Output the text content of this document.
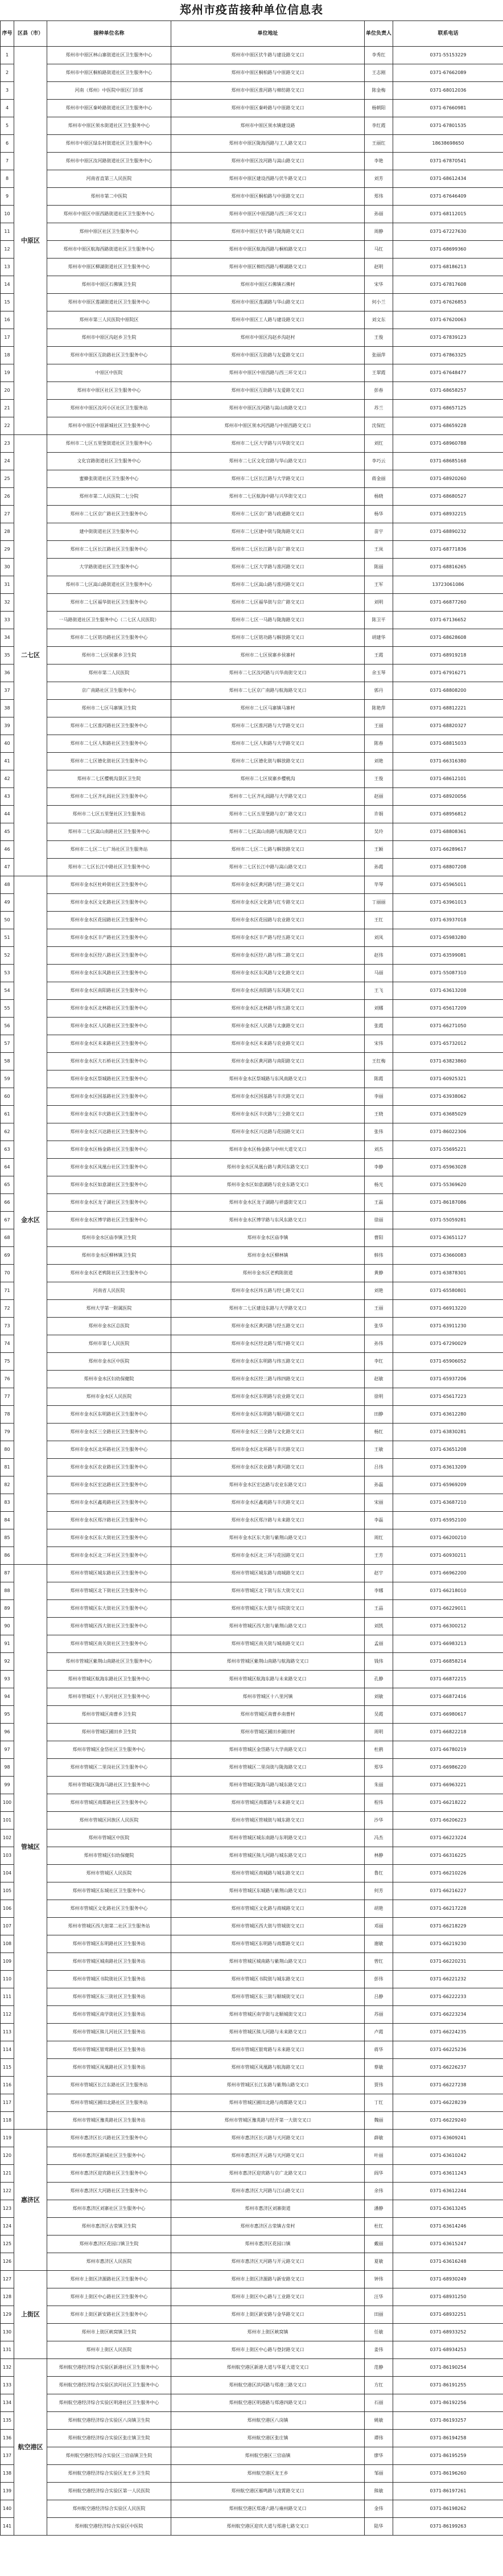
郑州市疫苗接种单位信息表
序号	区县（市）	接种单位名称	单位地址	单位负责人	联系电话
1	中原区	郑州市中原区林山寨街道社区卫生服务中心	郑州市中原区伏牛路与建设路交叉口	李秀红	0371-55153229
2		郑州市中原区桐柏路街道社区卫生服务中心	郑州市中原区桐柏路与中原路交叉口	王志刚	0371-67662089
3		河南（郑州）中医院中原区门诊部	郑州市中原区淮河路与棉纺路交叉口	陈金梅	0371-68012036
4		郑州市中原区秦岭路街道社区卫生服务中心	郑州市中原区秦岭路与中原路交叉口	杨朝阳	0371-67660981
5		郑州市中原区须水街道社区卫生服务中心	郑州市中原区须水镇建设路	李红霞	0371-67801535
6		郑州市中原区绿东村街道社区卫生服务中心	郑州市中原区陇海西路与工人路交叉口	王丽红	18638698650
7		郑州市中原区汝河路街道社区卫生服务中心	郑州市中原区汝河路与嵩山路交叉口	李艳	0371-67870541
8		河南省直第三人民医院	郑州市中原区建设西路与伏牛路交叉口	刘芳	0371-68612434
9		郑州市第二中医院	郑州市中原区桐柏路与中原路交叉口	郑伟	0371-67646409
10		郑州市中原区中原西路街道社区卫生服务中心	郑州市中原区中原西路与西三环交叉口	孙丽	0371-68112015
11		郑州中原区社区卫生服务中心	郑州市中原区伏牛路与陇海路交叉口	周静	0371-67227630
12		郑州市中原区航海西路街道社区卫生服务中心	郑州市中原区航海西路与桐柏路交叉口	马红	0371-68699360
13		郑州市中原区柳湖街道社区卫生服务中心	郑州市中原区棉纺西路与柳湖路交叉口	赵明	0371-68186213
14		郑州市中原区石佛镇卫生院	郑州市中原区石佛镇石佛村	宋华	0371-67817608
15		郑州市中原区莲湖街道社区卫生服务中心	郑州市中原区莲湖路与华山路交叉口	何小兰	0371-67626853
16		郑州市第三人民医院中原院区	郑州市中原区工人路与建设路交叉口	刘文东	0371-67620063
17		郑州市中原区沟赵乡卫生院	郑州市中原区沟赵乡沟赵村	王俊	0371-67839123
18		郑州市中原区互助路社区卫生服务中心	郑州市中原区互助路与友爱路交叉口	张丽萍	0371-67863325
19		中原区中医院	郑州市中原区中原西路与西三环交叉口	王翠霞	0371-67648477
20		郑州市中原区社区卫生服务中心	郑州市中原区互助路与友爱路交叉口	彭春	0371-68658257
21		郑州市中原区汝河小区社区卫生服务站	郑州市中原区汝河路与嵩山南路交叉口	苏兰	0371-68657125
22		郑州市中原区中原新城社区卫生服务中心	郑州市中原区须水河西路与中原西路交叉口	沈保红	0371-68659228
23	二七区	郑州市二七区五里堡街道社区卫生服务中心	郑州市二七区大学路与兴华街交叉口	刘红	0371-68960788
24		文化宫路街道社区卫生服务中心	郑州市二七区文化宫路与华山路交叉口	李巧云	0371-68685168
25		蜜蜂张街道社区卫生服务中心	郑州市二七区长江路与大学路交叉口	蒋金丽	0371-68920260
26		郑州市第二人民医院二七分院	郑州市二七区航海中路与兴华街交叉口	杨晓	0371-68680527
27		郑州市二七区京广路社区卫生服务中心	郑州市二七区京广路与政通路交叉口	杨华	0371-68932215
28		建中街街道社区卫生服务中心	郑州市二七区建中街与陇海路交叉口	苗宇	0371-68890232
29		郑州市二七区长江路社区卫生服务中心	郑州市二七区长江路与京广路交叉口	王岚	0371-68771836
30		大学路街道社区卫生服务中心	郑州市二七区大学路与淮河路交叉口	陈丽	0371-68816265
31		郑州市二七区嵩山路街道社区卫生服务中心	郑州市二七区嵩山路与淮河路交叉口	王军	13723061086
32		郑州市二七区福华街社区卫生服务中心	郑州市二七区福华街与京广路交叉口	刘明	0371-66877260
33		一马路街道社区卫生服务中心（二七区人民医院）	郑州市二七区一马路与陇海路交叉口	陈卫平	0371-67136652
34		郑州市二七区铭功路社区卫生服务中心	郑州市二七区铭功路与解放路交叉口	胡建华	0371-68628608
35		郑州市二七区侯寨乡卫生院	郑州市二七区侯寨乡侯寨村	王霞	0371-68919218
36		郑州市第二人民医院	郑州市二七区汝河路与兴华南街交叉口	余玉琴	0371-67916271
37		京广南路社区卫生服务中心	郑州市二七区京广南路与航海路交叉口	郭丹	0371-68808200
38		郑州市二七区马寨镇卫生院	郑州市二七区马寨镇马寨村	陈艳萍	0371-68812221
39		郑州市二七区淮河路社区卫生服务中心	郑州市二七区淮河路与大学路交叉口	王丽	0371-68820327
40		郑州市二七区人和路社区卫生服务中心	郑州市二七区人和路与大学路交叉口	陈春	0371-68815033
41		郑州市二七区德化街社区卫生服务中心	郑州市二七区德化街与解放路交叉口	刘艳	0371-66316380
42		郑州市二七区樱桃沟景区卫生院	郑州市二七区侯寨乡樱桃沟	王俊	0371-68612101
43		郑州市二七区齐礼阎社区卫生服务中心	郑州市二七区齐礼阎路与大学路交叉口	赵丽	0371-68920056
44		郑州市二七区五里堡社区卫生服务站	郑州市二七区五里堡路与京广路交叉口	许娟	0371-68956812
45		郑州市二七区嵩山南路社区卫生服务中心	郑州市二七区嵩山南路与航海路交叉口	吴玲	0371-68808361
46		郑州市二七区二七广场社区卫生服务站	郑州市二七区二七路与解放路交叉口	王颖	0371-66289617
47		郑州市二七区长江中路社区卫生服务中心	郑州市二七区长江中路与嵩山路交叉口	孙霞	0371-68807208
48	金水区	郑州市金水区杜岭街社区卫生服务中心	郑州市金水区黄河路与经三路交叉口	毕琴	0371-65965011
49		郑州市金水区文化路社区卫生服务中心	郑州市金水区文化路与红专路交叉口	丁丽丽	0371-63961013
50		郑州市金水区花园路社区卫生服务中心	郑州市金水区花园路与农业路交叉口	王红	0371-63937018
51		郑州市金水区丰产路社区卫生服务中心	郑州市金水区丰产路与经五路交叉口	刘凤	0371-65983280
52		郑州市金水区经八路社区卫生服务中心	郑州市金水区经八路与纬二路交叉口	赵伟	0371-63599081
53		郑州市金水区东风路社区卫生服务中心	郑州市金水区东风路与文化路交叉口	马丽	0371-55087310
54		郑州市金水区南阳路社区卫生服务中心	郑州市金水区南阳路与东风路交叉口	王飞	0371-63613208
55		郑州市金水区北林路社区卫生服务中心	郑州市金水区北林路与纬五路交叉口	刘娜	0371-65617209
56		郑州市金水区人民路社区卫生服务中心	郑州市金水区人民路与太康路交叉口	张霞	0371-66271050
57		郑州市金水区未来路社区卫生服务中心	郑州市金水区未来路与农业路交叉口	宋伟	0371-65732012
58		郑州市金水区大石桥社区卫生服务中心	郑州市金水区黄河路与南阳路交叉口	王红梅	0371-63823860
59		郑州市金水区祭城路社区卫生服务中心	郑州市金水区祭城路与东风南路交叉口	陈霞	0371-60925321
60		郑州市金水区国基路社区卫生服务中心	郑州市金水区国基路与丰庆路交叉口	李丽	0371-63938062
61		郑州市金水区丰庆路社区卫生服务中心	郑州市金水区丰庆路与三全路交叉口	王晓	0371-63685029
62		郑州市金水区兴达路社区卫生服务中心	郑州市金水区兴达路与花园路交叉口	张伟	0371-86022306
63		郑州市金水区杨金路社区卫生服务中心	郑州市金水区杨金路与中州大道交叉口	刘杰	0371-55695221
64		郑州市金水区凤凰台社区卫生服务中心	郑州市金水区凤凰台路与黄河东路交叉口	李静	0371-65963028
65		郑州市金水区如意湖社区卫生服务中心	郑州市金水区如意湖路与农业东路交叉口	杨光	0371-55369620
66		郑州市金水区龙子湖社区卫生服务中心	郑州市金水区龙子湖路与祥盛街交叉口	王磊	0371-86187086
67		郑州市金水区博学路社区卫生服务中心	郑州市金水区博学路与东风东路交叉口	徐丽	0371-55059281
68		郑州市金水区庙李镇卫生院	郑州市金水区庙李镇	曹阳	0371-63651127
69		郑州市金水区柳林镇卫生院	郑州市金水区柳林镇	韩伟	0371-63660083
70		郑州市金水区老鸦陈社区卫生服务中心	郑州市金水区老鸦陈街道	黄静	0371-63878301
71		河南省人民医院	郑州市金水区纬五路与经七路交叉口	刘艳	0371-65580801
72		郑州大学第一附属医院	郑州市二七区建设东路与大学路交叉口	王丽	0371-66913220
73		郑州市金水区总医院	郑州市金水区黄河路与经五路交叉口	张华	0371-63911230
74		郑州市第七人民医院	郑州市金水区经北路与郑汴路交叉口	孙伟	0371-67290029
75		郑州市金水区中医院	郑州市金水区东明路与纬五路交叉口	李红	0371-65906052
76		郑州市金水区妇幼保健院	郑州市金水区经三路与纬四路交叉口	赵敏	0371-65937206
77		郑州市金水区人民医院	郑州市金水区东明路与农业路交叉口	徐明	0371-65617223
78		郑州市金水区东明路社区卫生服务中心	郑州市金水区东明路与顺河路交叉口	田静	0371-63612280
79		郑州市金水区三全路社区卫生服务中心	郑州市金水区三全路与文化路交叉口	杨红	0371-63830281
80		郑州市金水区北环路社区卫生服务中心	郑州市金水区北环路与丰庆路交叉口	王敏	0371-63651208
81		郑州市金水区农业路社区卫生服务中心	郑州市金水区农业路与黄河路交叉口	吕伟	0371-63613209
82		郑州市金水区宏达路社区卫生服务中心	郑州市金水区宏达路与农业东路交叉口	孙磊	0371-65969209
83		郑州市金水区鑫苑路社区卫生服务中心	郑州市金水区鑫苑路与丰庆路交叉口	宋丽	0371-63687210
84		郑州市金水区郑汴路社区卫生服务中心	郑州市金水区郑汴路与未来路交叉口	李磊	0371-65952100
85		郑州市金水区东大街社区卫生服务中心	郑州市金水区东大街与紫荆山路交叉口	周红	0371-66200210
86		郑州市金水区北三环社区卫生服务中心	郑州市金水区北三环与花园路交叉口	王芳	0371-60930211
87	管城区	郑州市管城区城东路社区卫生服务中心	郑州市管城区城东路与商城路交叉口	赵宇	0371-66962200
88		郑州市管城区北下街社区卫生服务中心	郑州市管城区北下街与东大街交叉口	李娜	0371-66218010
89		郑州市管城区东大街社区卫生服务中心	郑州市管城区东大街与书院街交叉口	王晶	0371-66229011
90		郑州市管城区西大街社区卫生服务中心	郑州市管城区西大街与紫荆山路交叉口	刘凯	0371-66300212
91		郑州市管城区南关街社区卫生服务中心	郑州市管城区南关街与城南路交叉口	孟丽	0371-66983213
92		郑州市管城区紫荆山南路社区卫生服务中心	郑州市管城区紫荆山南路与航海路交叉口	钱伟	0371-66858214
93		郑州市管城区航海东路社区卫生服务中心	郑州市管城区航海东路与未来路交叉口	孔静	0371-66872215
94		郑州市管城区十八里河社区卫生服务中心	郑州市管城区十八里河镇	刘敏	0371-66872416
95		郑州市管城区南曹乡卫生院	郑州市管城区南曹乡南曹村	吴霞	0371-66980617
96		郑州市管城区圃田乡卫生院	郑州市管城区圃田乡圃田村	周明	0371-66822218
97		郑州市管城区金岱社区卫生服务中心	郑州市管城区金岱路与大学南路交叉口	杜鹃	0371-66780219
98		郑州市管城区二里岗社区卫生服务中心	郑州市管城区二里岗街与陇海路交叉口	郑华	0371-66986220
99		郑州市管城区陇海马路社区卫生服务中心	郑州市管城区陇海马路与城东路交叉口	朱丽	0371-66963221
100		郑州市管城区商都路社区卫生服务中心	郑州市管城区商都路与未来路交叉口	程伟	0371-66218222
101		郑州市管城区回族区人民医院	郑州市管城区管城街与城东路交叉口	沙华	0371-66206223
102		郑州市管城区中医院	郑州市管城区城东南路与东明路交叉口	冯杰	0371-66223224
103		郑州市管城区妇幼保健院	郑州市管城区熊儿河路与城东路交叉口	林静	0371-66316225
104		郑州市管城区人民医院	郑州市管城区商城路与城东路交叉口	鲁红	0371-66210226
105		郑州市管城区东城社区卫生服务中心	郑州市管城区东城路与紫荆山路交叉口	何芳	0371-66216227
106		郑州市管城区文化路社区卫生服务中心	郑州市管城区文化路与商城路交叉口	胡艳	0371-66217228
107		郑州市管城区西大街第二社区卫生服务站	郑州市管城区西大街与管城街交叉口	邓丽	0371-66218229
108		郑州市管城区东明路社区卫生服务站	郑州市管城区东明路与商都路交叉口	谢敏	0371-66219230
109		郑州市管城区城南路社区卫生服务站	郑州市管城区城南路与紫荆山路交叉口	曾红	0371-66220231
110		郑州市管城区书院街社区卫生服务站	郑州市管城区书院街与城东路交叉口	彭伟	0371-66221232
111		郑州市管城区东三街社区卫生服务站	郑州市管城区东三街与顺城街交叉口	吕静	0371-66222233
112		郑州市管城区南学街社区卫生服务站	郑州市管城区南学街与北顺城街交叉口	苏丽	0371-66223234
113		郑州市管城区熊儿河社区卫生服务站	郑州市管城区熊儿河路与未来路交叉口	卢霞	0371-66224235
114		郑州市管城区银莺路社区卫生服务站	郑州市管城区银莺路与未来路交叉口	蒋华	0371-66225236
115		郑州市管城区凤凰路社区卫生服务站	郑州市管城区凤凰路与航海路交叉口	蔡敏	0371-66226237
116		郑州市管城区长江东路社区卫生服务站	郑州市管城区长江东路与紫荆山路交叉口	贾伟	0371-66227238
117		郑州市管城区圃田北路社区卫生服务站	郑州市管城区圃田北路与商都路交叉口	丁红	0371-66228239
118		郑州市管城区豫英路社区卫生服务站	郑州市管城区豫英路与经开第一大街交叉口	魏丽	0371-66229240
119	惠济区	郑州市惠济区长兴路社区卫生服务中心	郑州市惠济区长兴路与天河路交叉口	薛敏	0371-63609241
120		郑州市惠济区新城社区卫生服务中心	郑州市惠济区开元路与天河路交叉口	叶丽	0371-63610242
121		郑州市惠济区迎宾路社区卫生服务中心	郑州市惠济区迎宾路与京广北路交叉口	阎华	0371-63611243
122		郑州市惠济区大河路社区卫生服务中心	郑州市惠济区大河路与江山路交叉口	余伟	0371-63612244
123		郑州市惠济区刘寨社区卫生服务中心	郑州市惠济区刘寨街道	潘静	0371-63613245
124		郑州市惠济区古荥镇卫生院	郑州市惠济区古荥镇古荥村	杜红	0371-63614246
125		郑州市惠济区花园口镇卫生院	郑州市惠济区花园口镇	戴丽	0371-63615247
126		郑州市惠济区人民医院	郑州市惠济区天河路与开元路交叉口	夏敏	0371-63616248
127	上街区	郑州市上街区济源路社区卫生服务中心	郑州市上街区济源路与新安路交叉口	钟伟	0371-68930249
128		郑州市上街区中心路社区卫生服务中心	郑州市上街区中心路与工业路交叉口	汪华	0371-68931250
129		郑州市上街区新安路社区卫生服务中心	郑州市上街区新安路与金华路交叉口	田丽	0371-68932251
130		郑州市上街区峡窝镇卫生院	郑州市上街区峡窝镇	任敏	0371-68933252
131		郑州市上街区人民医院	郑州市上街区中心路与登封路交叉口	姜伟	0371-68934253
132	航空港区	郑州航空港经济综合实验区新港社区卫生服务中心	郑州航空港区新港大道与华夏大道交叉口	范静	0371-86190254
133		郑州航空港经济综合实验区滨河社区卫生服务中心	郑州航空港区滨河路与郑港三路交叉口	方红	0371-86191255
134		郑州航空港经济综合实验区明港社区卫生服务中心	郑州航空港区明港路与郑港四路交叉口	石丽	0371-86192256
135		郑州航空港经济综合实验区八岗镇卫生院	郑州航空港区八岗镇	姚敏	0371-86193257
136		郑州航空港经济综合实验区张庄镇卫生院	郑州航空港区张庄镇	谭伟	0371-86194258
137		郑州航空港经济综合实验区三官庙镇卫生院	郑州航空港区三官庙镇	廖华	0371-86195259
138		郑州航空港经济综合实验区龙王乡卫生院	郑州航空港区龙王乡	邹丽	0371-86196260
139		郑州航空港经济综合实验区第一人民医院	郑州航空港区雁鸣路与凌霄路交叉口	熊敏	0371-86197261
140		郑州航空港经济综合实验区人民医院	郑州航空港区郑港六路与雍州路交叉口	金伟	0371-86198262
141		郑州航空港经济综合实验区中医院	郑州航空港区迎宾大道与郑港七路交叉口	陆华	0371-86199263
